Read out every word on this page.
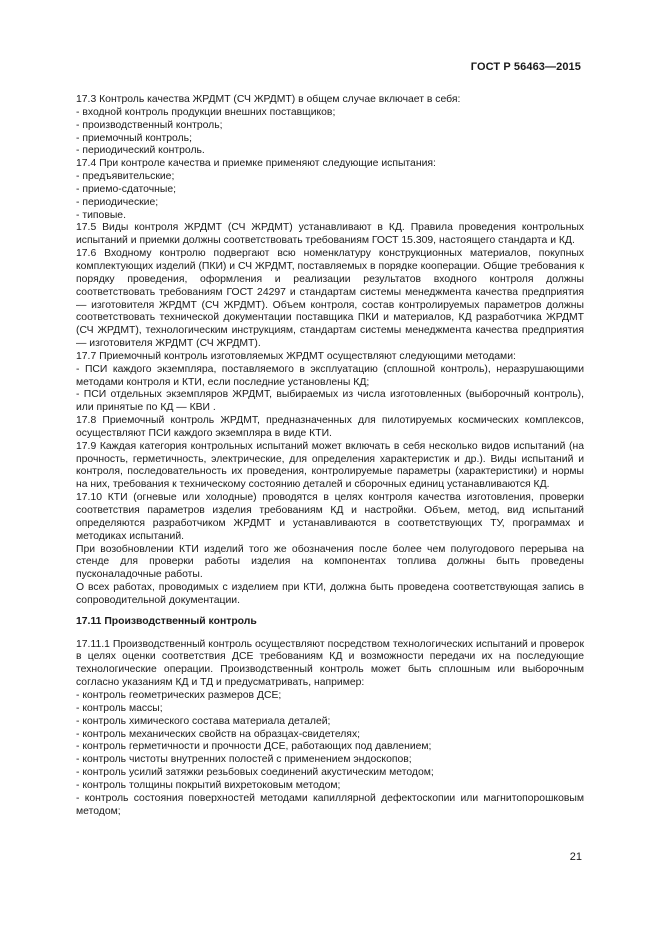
ГОСТ Р 56463—2015

17.3 Контроль качества ЖРДМТ (СЧ ЖРДМТ) в общем случае включает в себя:

- входной контроль продукции внешних поставщиков;

- производственный контроль;

- приемочный контроль;

- периодический контроль.

17.4 При контроле качества и приемке применяют следующие испытания:

- предъявительские;

- приемо-сдаточные;

- периодические;

- типовые.

17.5 Виды контроля ЖРДМТ (СЧ ЖРДМТ) устанавливают в КД. Правила проведения контрольных испытаний и приемки должны соответствовать требованиям ГОСТ 15.309, настоящего стандарта и КД.

17.6 Входному контролю подвергают всю номенклатуру конструкционных материалов, покупных комплектующих изделий (ПКИ) и СЧ ЖРДМТ, поставляемых в порядке кооперации. Общие требования к порядку проведения, оформления и реализации результатов входного контроля должны соответствовать требованиям ГОСТ 24297 и стандартам системы менеджмента качества предприятия — изготовителя ЖРДМТ (СЧ ЖРДМТ). Объем контроля, состав контролируемых параметров должны соответствовать технической документации поставщика ПКИ и материалов, КД разработчика ЖРДМТ (СЧ ЖРДМТ), технологическим инструкциям, стандартам системы менеджмента качества предприятия — изготовителя ЖРДМТ (СЧ ЖРДМТ).

17.7 Приемочный контроль изготовляемых ЖРДМТ осуществляют следующими методами:

- ПСИ каждого экземпляра, поставляемого в эксплуатацию (сплошной контроль), неразрушающими методами контроля и КТИ, если последние установлены КД;

- ПСИ отдельных экземпляров ЖРДМТ, выбираемых из числа изготовленных (выборочный контроль), или принятые по КД — КВИ .

17.8 Приемочный контроль ЖРДМТ, предназначенных для пилотируемых космических комплексов, осуществляют ПСИ каждого экземпляра в виде КТИ.

17.9 Каждая категория контрольных испытаний может включать в себя несколько видов испытаний (на прочность, герметичность, электрические, для определения характеристик и др.). Виды испытаний и контроля, последовательность их проведения, контролируемые параметры (характеристики) и нормы на них, требования к техническому состоянию деталей и сборочных единиц устанавливаются КД.

17.10 КТИ (огневые или холодные) проводятся в целях контроля качества изготовления, проверки соответствия параметров изделия требованиям КД и настройки. Объем, метод, вид испытаний определяются разработчиком ЖРДМТ и устанавливаются в соответствующих ТУ, программах и методиках испытаний.

При возобновлении КТИ изделий того же обозначения после более чем полугодового перерыва на стенде для проверки работы изделия на компонентах топлива должны быть проведены пусконаладочные работы.

О всех работах, проводимых с изделием при КТИ, должна быть проведена соответствующая запись в сопроводительной документации.

17.11 Производственный контроль

17.11.1 Производственный контроль осуществляют посредством технологических испытаний и проверок в целях оценки соответствия ДСЕ требованиям КД и возможности передачи их на последующие технологические операции. Производственный контроль может быть сплошным или выборочным согласно указаниям КД и ТД и предусматривать, например:

- контроль геометрических размеров ДСЕ;

- контроль массы;

- контроль химического состава материала деталей;

- контроль механических свойств на образцах-свидетелях;

- контроль герметичности и прочности ДСЕ, работающих под давлением;

- контроль чистоты внутренних полостей с применением эндоскопов;

- контроль усилий затяжки резьбовых соединений акустическим методом;

- контроль толщины покрытий вихретоковым методом;

- контроль состояния поверхностей методами капиллярной дефектоскопии или магнитопорошковым методом;

21
